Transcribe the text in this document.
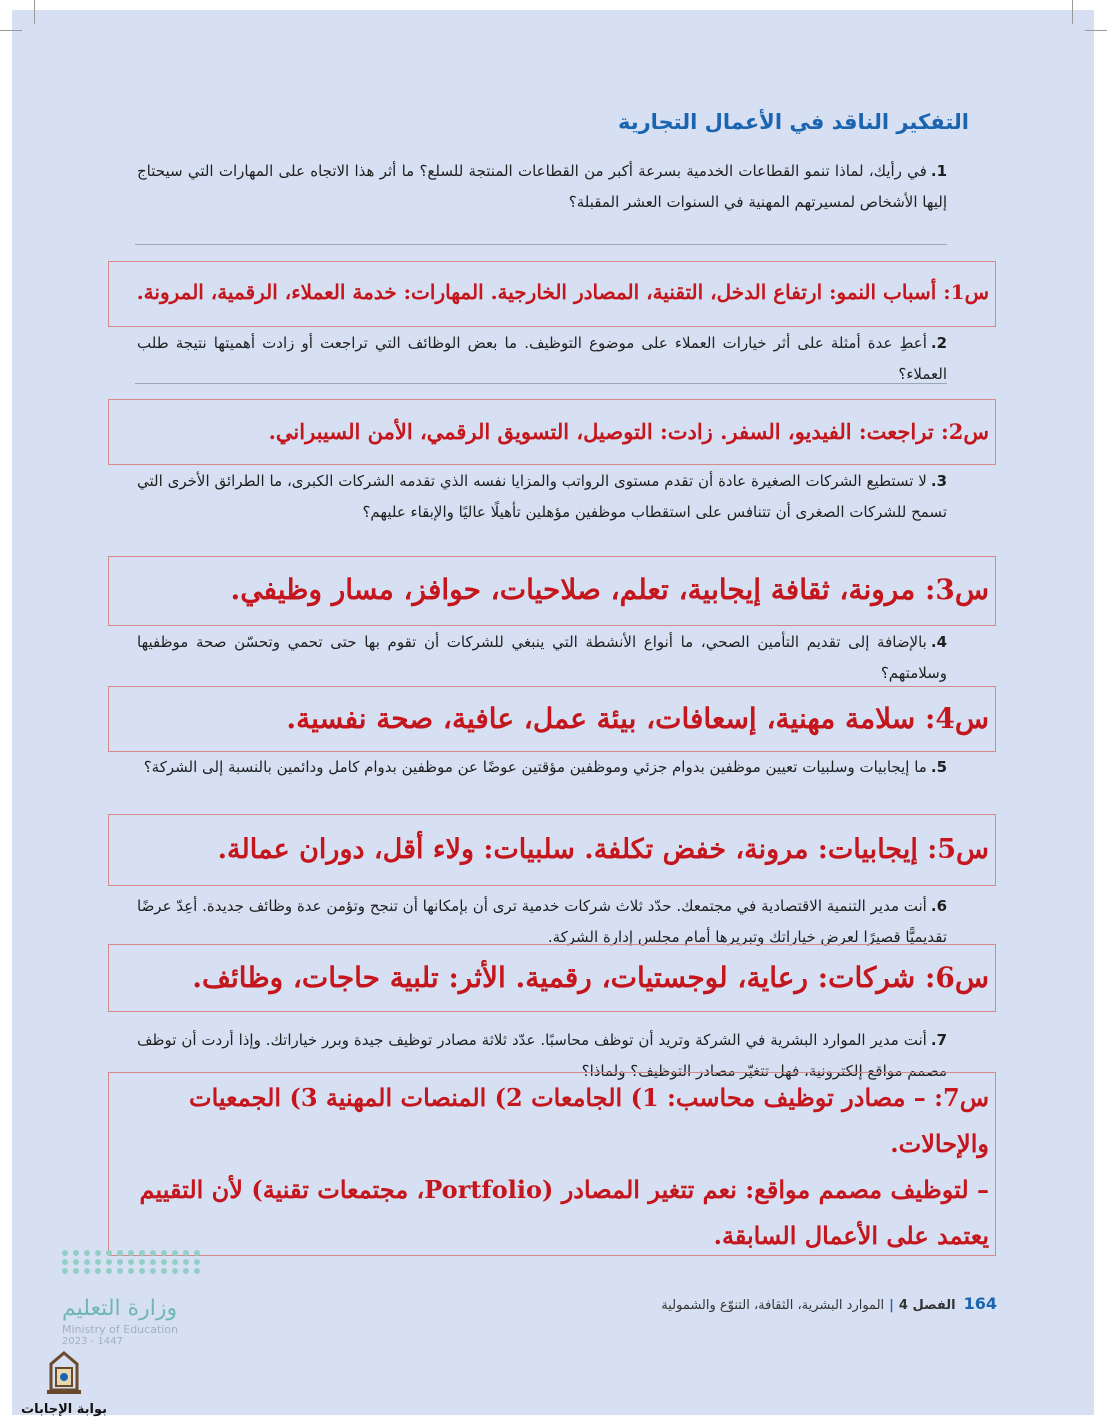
التفكير الناقد في الأعمال التجارية
1.في رأيك، لماذا تنمو القطاعات الخدمية بسرعة أكبر من القطاعات المنتجة للسلع؟ ما أثر هذا الاتجاه على المهارات التي سيحتاج إليها الأشخاص لمسيرتهم المهنية في السنوات العشر المقبلة؟
س1: أسباب النمو: ارتفاع الدخل، التقنية، المصادر الخارجية. المهارات: خدمة العملاء، الرقمية، المرونة.
2.أعطِ عدة أمثلة على أثر خيارات العملاء على موضوع التوظيف. ما بعض الوظائف التي تراجعت أو زادت أهميتها نتيجة طلب العملاء؟
س2: تراجعت: الفيديو، السفر. زادت: التوصيل، التسويق الرقمي، الأمن السيبراني.
3.لا تستطيع الشركات الصغيرة عادة أن تقدم مستوى الرواتب والمزايا نفسه الذي تقدمه الشركات الكبرى، ما الطرائق الأخرى التي تسمح للشركات الصغرى أن تتنافس على استقطاب موظفين مؤهلين تأهيلًا عاليًا والإبقاء عليهم؟
س3: مرونة، ثقافة إيجابية، تعلم، صلاحيات، حوافز، مسار وظيفي.
4.بالإضافة إلى تقديم التأمين الصحي، ما أنواع الأنشطة التي ينبغي للشركات أن تقوم بها حتى تحمي وتحسّن صحة موظفيها وسلامتهم؟
س4: سلامة مهنية، إسعافات، بيئة عمل، عافية، صحة نفسية.
5.ما إيجابيات وسلبيات تعيين موظفين بدوام جزئي وموظفين مؤقتين عوضًا عن موظفين بدوام كامل ودائمين بالنسبة إلى الشركة؟
س5: إيجابيات: مرونة، خفض تكلفة. سلبيات: ولاء أقل، دوران عمالة.
6.أنت مدير التنمية الاقتصادية في مجتمعك. حدّد ثلاث شركات خدمية ترى أن بإمكانها أن تنجح وتؤمن عدة وظائف جديدة. أعِدّ عرضًا تقديميًّا قصيرًا لعرض خياراتك وتبريرها أمام مجلس إدارة الشركة.
س6: شركات: رعاية، لوجستيات، رقمية. الأثر: تلبية حاجات، وظائف.
7.أنت مدير الموارد البشرية في الشركة وتريد أن توظف محاسبًا. عدّد ثلاثة مصادر توظيف جيدة وبرر خياراتك. وإذا أردت أن توظف مصمم مواقع إلكترونية، فهل تتغيّر مصادر التوظيف؟ ولماذا؟

س7: – مصادر توظيف محاسب: 1) الجامعات 2) المنصات المهنية 3) الجمعيات والإحالات.

– لتوظيف مصمم مواقع: نعم تتغير المصادر (Portfolio، مجتمعات تقنية) لأن التقييم يعتمد على الأعمال السابقة.

164الفصل 4|الموارد البشرية، الثقافة، التنوّع والشمولية
وزارة التعليم
Ministry of Education
2023 - 1447
بوابة الإجابات
